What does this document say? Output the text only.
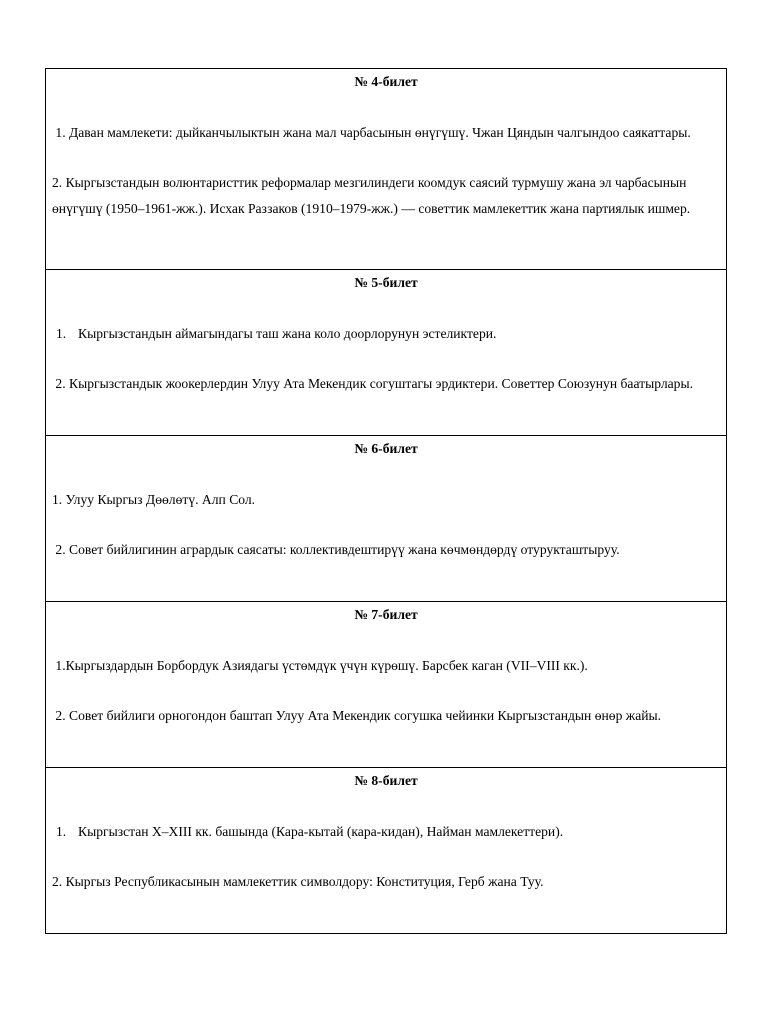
№ 4-билет

1. Даван мамлекети: дыйканчылыктын жана мал чарбасынын өнүгүшү. Чжан Цяндын чалгындоо саякаттары.

2. Кыргызстандын волюнтаристтик реформалар мезгилиндеги коомдук саясий турмушу жана эл чарбасынын өнүгүшү (1950–1961-жж.). Исхак Раззаков (1910–1979-жж.) — советтик мамлекеттик жана партиялык ишмер.

№ 5-билет

1. Кыргызстандын аймагындагы таш жана коло доорлорунун эстеликтери.

2. Кыргызстандык жоокерлердин Улуу Ата Мекендик согуштагы эрдиктери. Советтер Союзунун баатырлары.

№ 6-билет

1. Улуу Кыргыз Дөөлөтү. Алп Сол.

2. Совет бийлигинин агрардык саясаты: коллективдештирүү жана көчмөндөрдү отурукташтыруу.

№ 7-билет

1.Кыргыздардын Борбордук Азиядагы үстөмдүк үчүн күрөшү. Барсбек каган (VII–VIII кк.).

2. Совет бийлиги орногондон баштап Улуу Ата Мекендик согушка чейинки Кыргызстандын өнөр жайы.

№ 8-билет

1. Кыргызстан X–XIII кк. башында (Кара-кытай (кара-кидан), Найман мамлекеттери).

2. Кыргыз Республикасынын мамлекеттик символдору: Конституция, Герб жана Туу.
